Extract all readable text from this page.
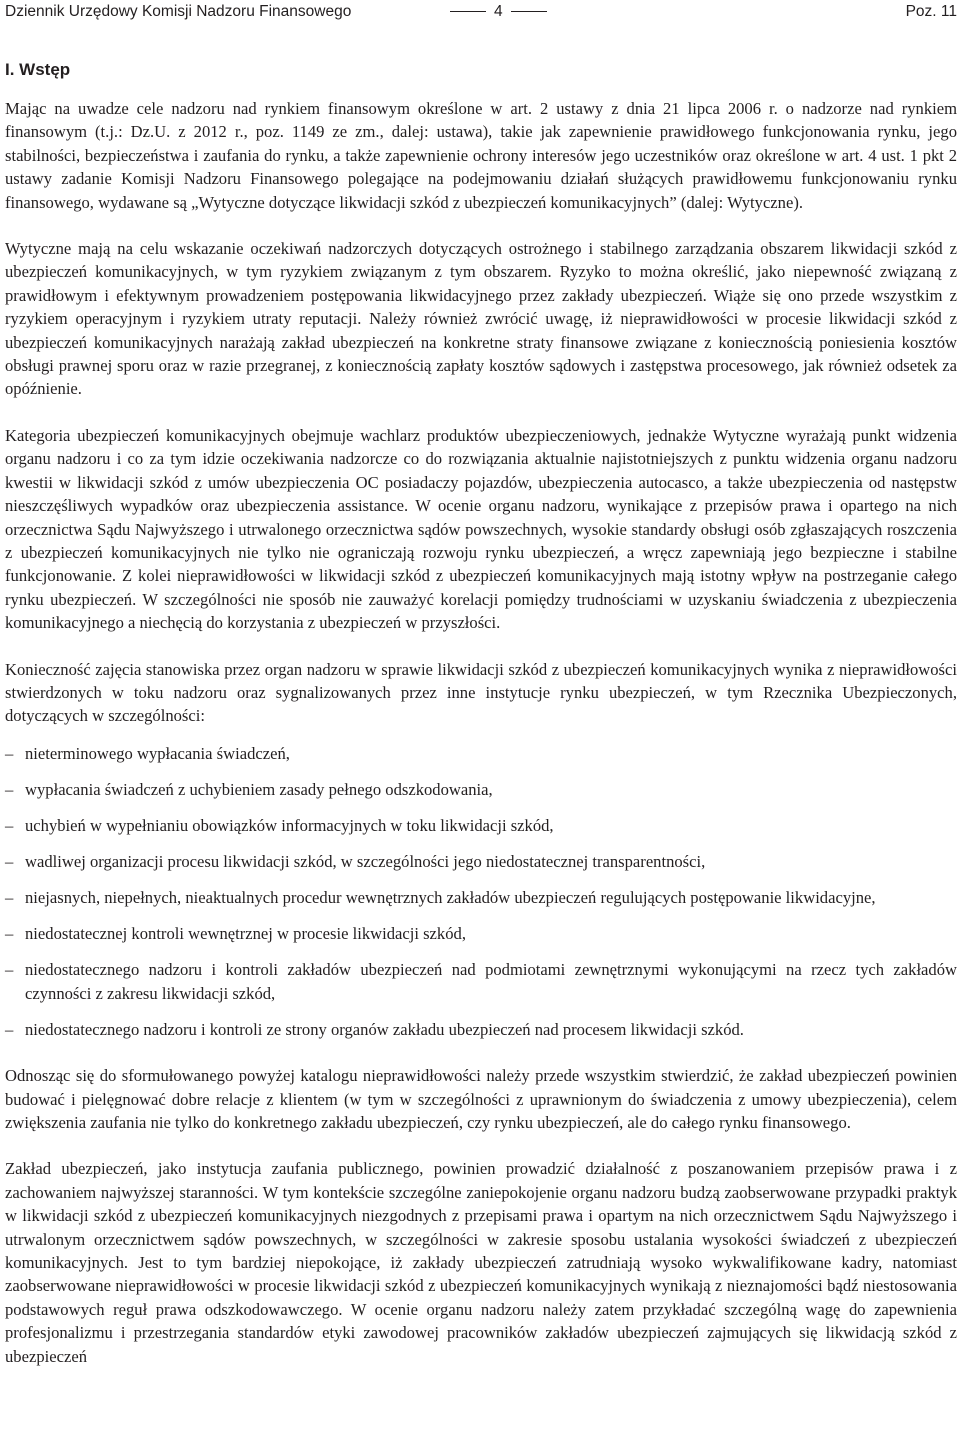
Dziennik Urzędowy Komisji Nadzoru Finansowego	4	Poz. 11
I. Wstęp

Mając na uwadze cele nadzoru nad rynkiem finansowym określone w art. 2 ustawy z dnia 21 lipca 2006 r. o nadzorze nad rynkiem finansowym (t.j.: Dz.U. z 2012 r., poz. 1149 ze zm., dalej: ustawa), takie jak zapewnienie prawidłowego funkcjonowania rynku, jego stabilności, bezpieczeństwa i zaufania do rynku, a także zapewnienie ochrony interesów jego uczestników oraz określone w art. 4 ust. 1 pkt 2 ustawy zadanie Komisji Nadzoru Finansowego polegające na podejmowaniu działań służących prawidłowemu funkcjonowaniu rynku finansowego, wydawane są „Wytyczne dotyczące likwidacji szkód z ubezpieczeń komunikacyjnych” (dalej: Wytyczne).

Wytyczne mają na celu wskazanie oczekiwań nadzorczych dotyczących ostrożnego i stabilnego zarządzania obszarem likwidacji szkód z ubezpieczeń komunikacyjnych, w tym ryzykiem związanym z tym obszarem. Ryzyko to można określić, jako niepewność związaną z prawidłowym i efektywnym prowadzeniem postępowania likwidacyjnego przez zakłady ubezpieczeń. Wiąże się ono przede wszystkim z ryzykiem operacyjnym i ryzykiem utraty reputacji. Należy również zwrócić uwagę, iż nieprawidłowości w procesie likwidacji szkód z ubezpieczeń komunikacyjnych narażają zakład ubezpieczeń na konkretne straty finansowe związane z koniecznością poniesienia kosztów obsługi prawnej sporu oraz w razie przegranej, z koniecznością zapłaty kosztów sądowych i zastępstwa procesowego, jak również odsetek za opóźnienie.

Kategoria ubezpieczeń komunikacyjnych obejmuje wachlarz produktów ubezpieczeniowych, jednakże Wytyczne wyrażają punkt widzenia organu nadzoru i co za tym idzie oczekiwania nadzorcze co do rozwiązania aktualnie najistotniejszych z punktu widzenia organu nadzoru kwestii w likwidacji szkód z umów ubezpieczenia OC posiadaczy pojazdów, ubezpieczenia autocasco, a także ubezpieczenia od następstw nieszczęśliwych wypadków oraz ubezpieczenia assistance. W ocenie organu nadzoru, wynikające z przepisów prawa i opartego na nich orzecznictwa Sądu Najwyższego i utrwalonego orzecznictwa sądów powszechnych, wysokie standardy obsługi osób zgłaszających roszczenia z ubezpieczeń komunikacyjnych nie tylko nie ograniczają rozwoju rynku ubezpieczeń, a wręcz zapewniają jego bezpieczne i stabilne funkcjonowanie. Z kolei nieprawidłowości w likwidacji szkód z ubezpieczeń komunikacyjnych mają istotny wpływ na postrzeganie całego rynku ubezpieczeń. W szczególności nie sposób nie zauważyć korelacji pomiędzy trudnościami w uzyskaniu świadczenia z ubezpieczenia komunikacyjnego a niechęcią do korzystania z ubezpieczeń w przyszłości.

Konieczność zajęcia stanowiska przez organ nadzoru w sprawie likwidacji szkód z ubezpieczeń komunikacyjnych wynika z nieprawidłowości stwierdzonych w toku nadzoru oraz sygnalizowanych przez inne instytucje rynku ubezpieczeń, w tym Rzecznika Ubezpieczonych, dotyczących w szczególności:

– nieterminowego wypłacania świadczeń,
– wypłacania świadczeń z uchybieniem zasady pełnego odszkodowania,
– uchybień w wypełnianiu obowiązków informacyjnych w toku likwidacji szkód,
– wadliwej organizacji procesu likwidacji szkód, w szczególności jego niedostatecznej transparentności,
– niejasnych, niepełnych, nieaktualnych procedur wewnętrznych zakładów ubezpieczeń regulujących postępowanie likwidacyjne,
– niedostatecznej kontroli wewnętrznej w procesie likwidacji szkód,
– niedostatecznego nadzoru i kontroli zakładów ubezpieczeń nad podmiotami zewnętrznymi wykonującymi na rzecz tych zakładów czynności z zakresu likwidacji szkód,
– niedostatecznego nadzoru i kontroli ze strony organów zakładu ubezpieczeń nad procesem likwidacji szkód.

Odnosząc się do sformułowanego powyżej katalogu nieprawidłowości należy przede wszystkim stwierdzić, że zakład ubezpieczeń powinien budować i pielęgnować dobre relacje z klientem (w tym w szczególności z uprawnionym do świadczenia z umowy ubezpieczenia), celem zwiększenia zaufania nie tylko do konkretnego zakładu ubezpieczeń, czy rynku ubezpieczeń, ale do całego rynku finansowego.

Zakład ubezpieczeń, jako instytucja zaufania publicznego, powinien prowadzić działalność z poszanowaniem przepisów prawa i z zachowaniem najwyższej staranności. W tym kontekście szczególne zaniepokojenie organu nadzoru budzą zaobserwowane przypadki praktyk w likwidacji szkód z ubezpieczeń komunikacyjnych niezgodnych z przepisami prawa i opartym na nich orzecznictwem Sądu Najwyższego i utrwalonym orzecznictwem sądów powszechnych, w szczególności w zakresie sposobu ustalania wysokości świadczeń z ubezpieczeń komunikacyjnych. Jest to tym bardziej niepokojące, iż zakłady ubezpieczeń zatrudniają wysoko wykwalifikowane kadry, natomiast zaobserwowane nieprawidłowości w procesie likwidacji szkód z ubezpieczeń komunikacyjnych wynikają z nieznajomości bądź niestosowania podstawowych reguł prawa odszkodowawczego. W ocenie organu nadzoru należy zatem przykładać szczególną wagę do zapewnienia profesjonalizmu i przestrzegania standardów etyki zawodowej pracowników zakładów ubezpieczeń zajmujących się likwidacją szkód z ubezpieczeń
